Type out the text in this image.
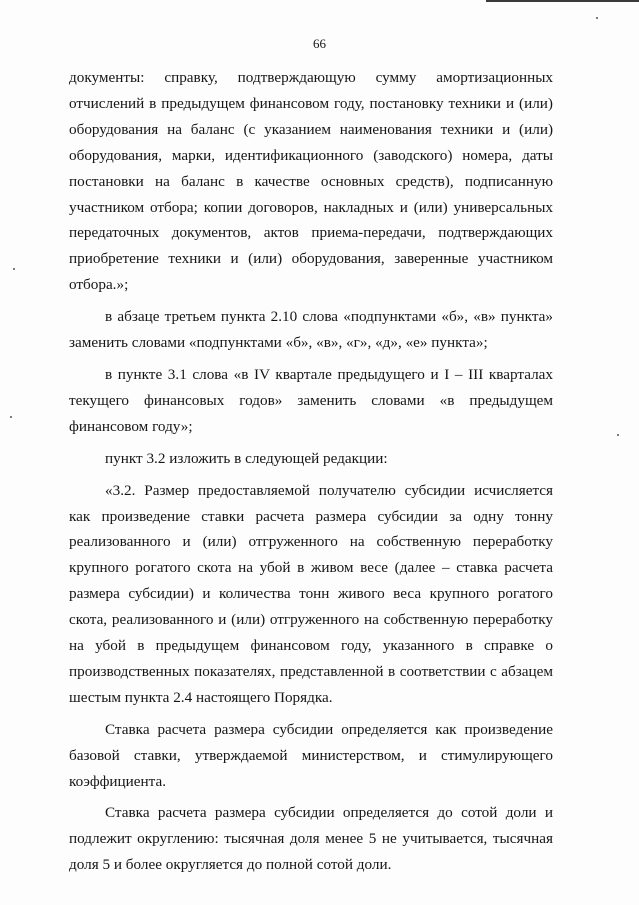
66
документы: справку, подтверждающую сумму амортизационных
отчислений в предыдущем финансовом году, постановку техники и (или)
оборудования на баланс (с указанием наименования техники и (или)
оборудования, марки, идентификационного (заводского) номера, даты
постановки на баланс в качестве основных средств), подписанную
участником отбора; копии договоров, накладных и (или) универсальных
передаточных документов, актов приема-передачи, подтверждающих
приобретение техники и (или) оборудования, заверенные участником
отбора.»;
в абзаце третьем пункта 2.10 слова «подпунктами «б», «в» пункта»
заменить словами «подпунктами «б», «в», «г», «д», «е» пункта»;
в пункте 3.1 слова «в IV квартале предыдущего и I – III кварталах
текущего финансовых годов» заменить словами «в предыдущем
финансовом году»;
пункт 3.2 изложить в следующей редакции:
«3.2. Размер предоставляемой получателю субсидии исчисляется
как произведение ставки расчета размера субсидии за одну тонну
реализованного и (или) отгруженного на собственную переработку
крупного рогатого скота на убой в живом весе (далее – ставка расчета
размера субсидии) и количества тонн живого веса крупного рогатого
скота, реализованного и (или) отгруженного на собственную переработку
на убой в предыдущем финансовом году, указанного в справке о
производственных показателях, представленной в соответствии с абзацем
шестым пункта 2.4 настоящего Порядка.
Ставка расчета размера субсидии определяется как произведение
базовой ставки, утверждаемой министерством, и стимулирующего
коэффициента.
Ставка расчета размера субсидии определяется до сотой доли и
подлежит округлению: тысячная доля менее 5 не учитывается, тысячная
доля 5 и более округляется до полной сотой доли.
